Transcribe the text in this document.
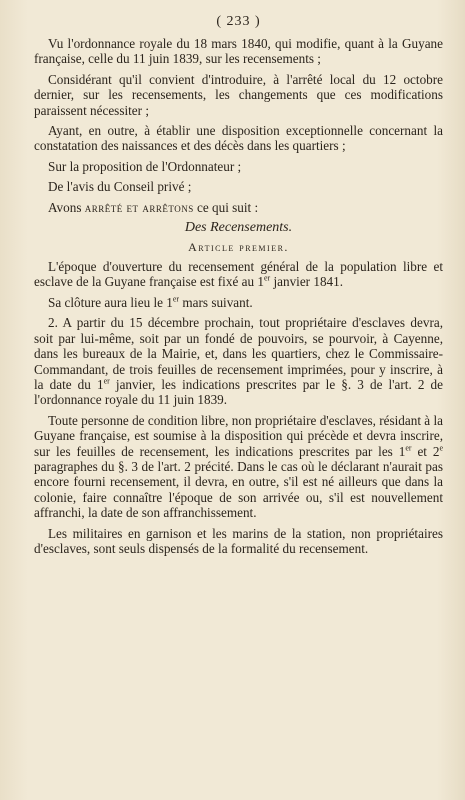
( 233 )

Vu l'ordonnance royale du 18 mars 1840, qui modifie, quant à la Guyane française, celle du 11 juin 1839, sur les recensements ;

Considérant qu'il convient d'introduire, à l'arrêté local du 12 octobre dernier, sur les recensements, les changements que ces modifications paraissent nécessiter ;

Ayant, en outre, à établir une disposition exceptionnelle concernant la constatation des naissances et des décès dans les quartiers ;

Sur la proposition de l'Ordonnateur ;

De l'avis du Conseil privé ;

Avons arrêté et arrêtons ce qui suit :

Des Recensements.
Article premier.

L'époque d'ouverture du recensement général de la population libre et esclave de la Guyane française est fixé au 1er janvier 1841.

Sa clôture aura lieu le 1er mars suivant.

2. A partir du 15 décembre prochain, tout propriétaire d'esclaves devra, soit par lui-même, soit par un fondé de pouvoirs, se pourvoir, à Cayenne, dans les bureaux de la Mairie, et, dans les quartiers, chez le Commissaire-Commandant, de trois feuilles de recensement imprimées, pour y inscrire, à la date du 1er janvier, les indications prescrites par le §. 3 de l'art. 2 de l'ordonnance royale du 11 juin 1839.

Toute personne de condition libre, non propriétaire d'esclaves, résidant à la Guyane française, est soumise à la disposition qui précède et devra inscrire, sur les feuilles de recensement, les indications prescrites par les 1er et 2e paragraphes du §. 3 de l'art. 2 précité. Dans le cas où le déclarant n'aurait pas encore fourni recensement, il devra, en outre, s'il est né ailleurs que dans la colonie, faire connaître l'époque de son arrivée ou, s'il est nouvellement affranchi, la date de son affranchissement.

Les militaires en garnison et les marins de la station, non propriétaires d'esclaves, sont seuls dispensés de la formalité du recensement.
